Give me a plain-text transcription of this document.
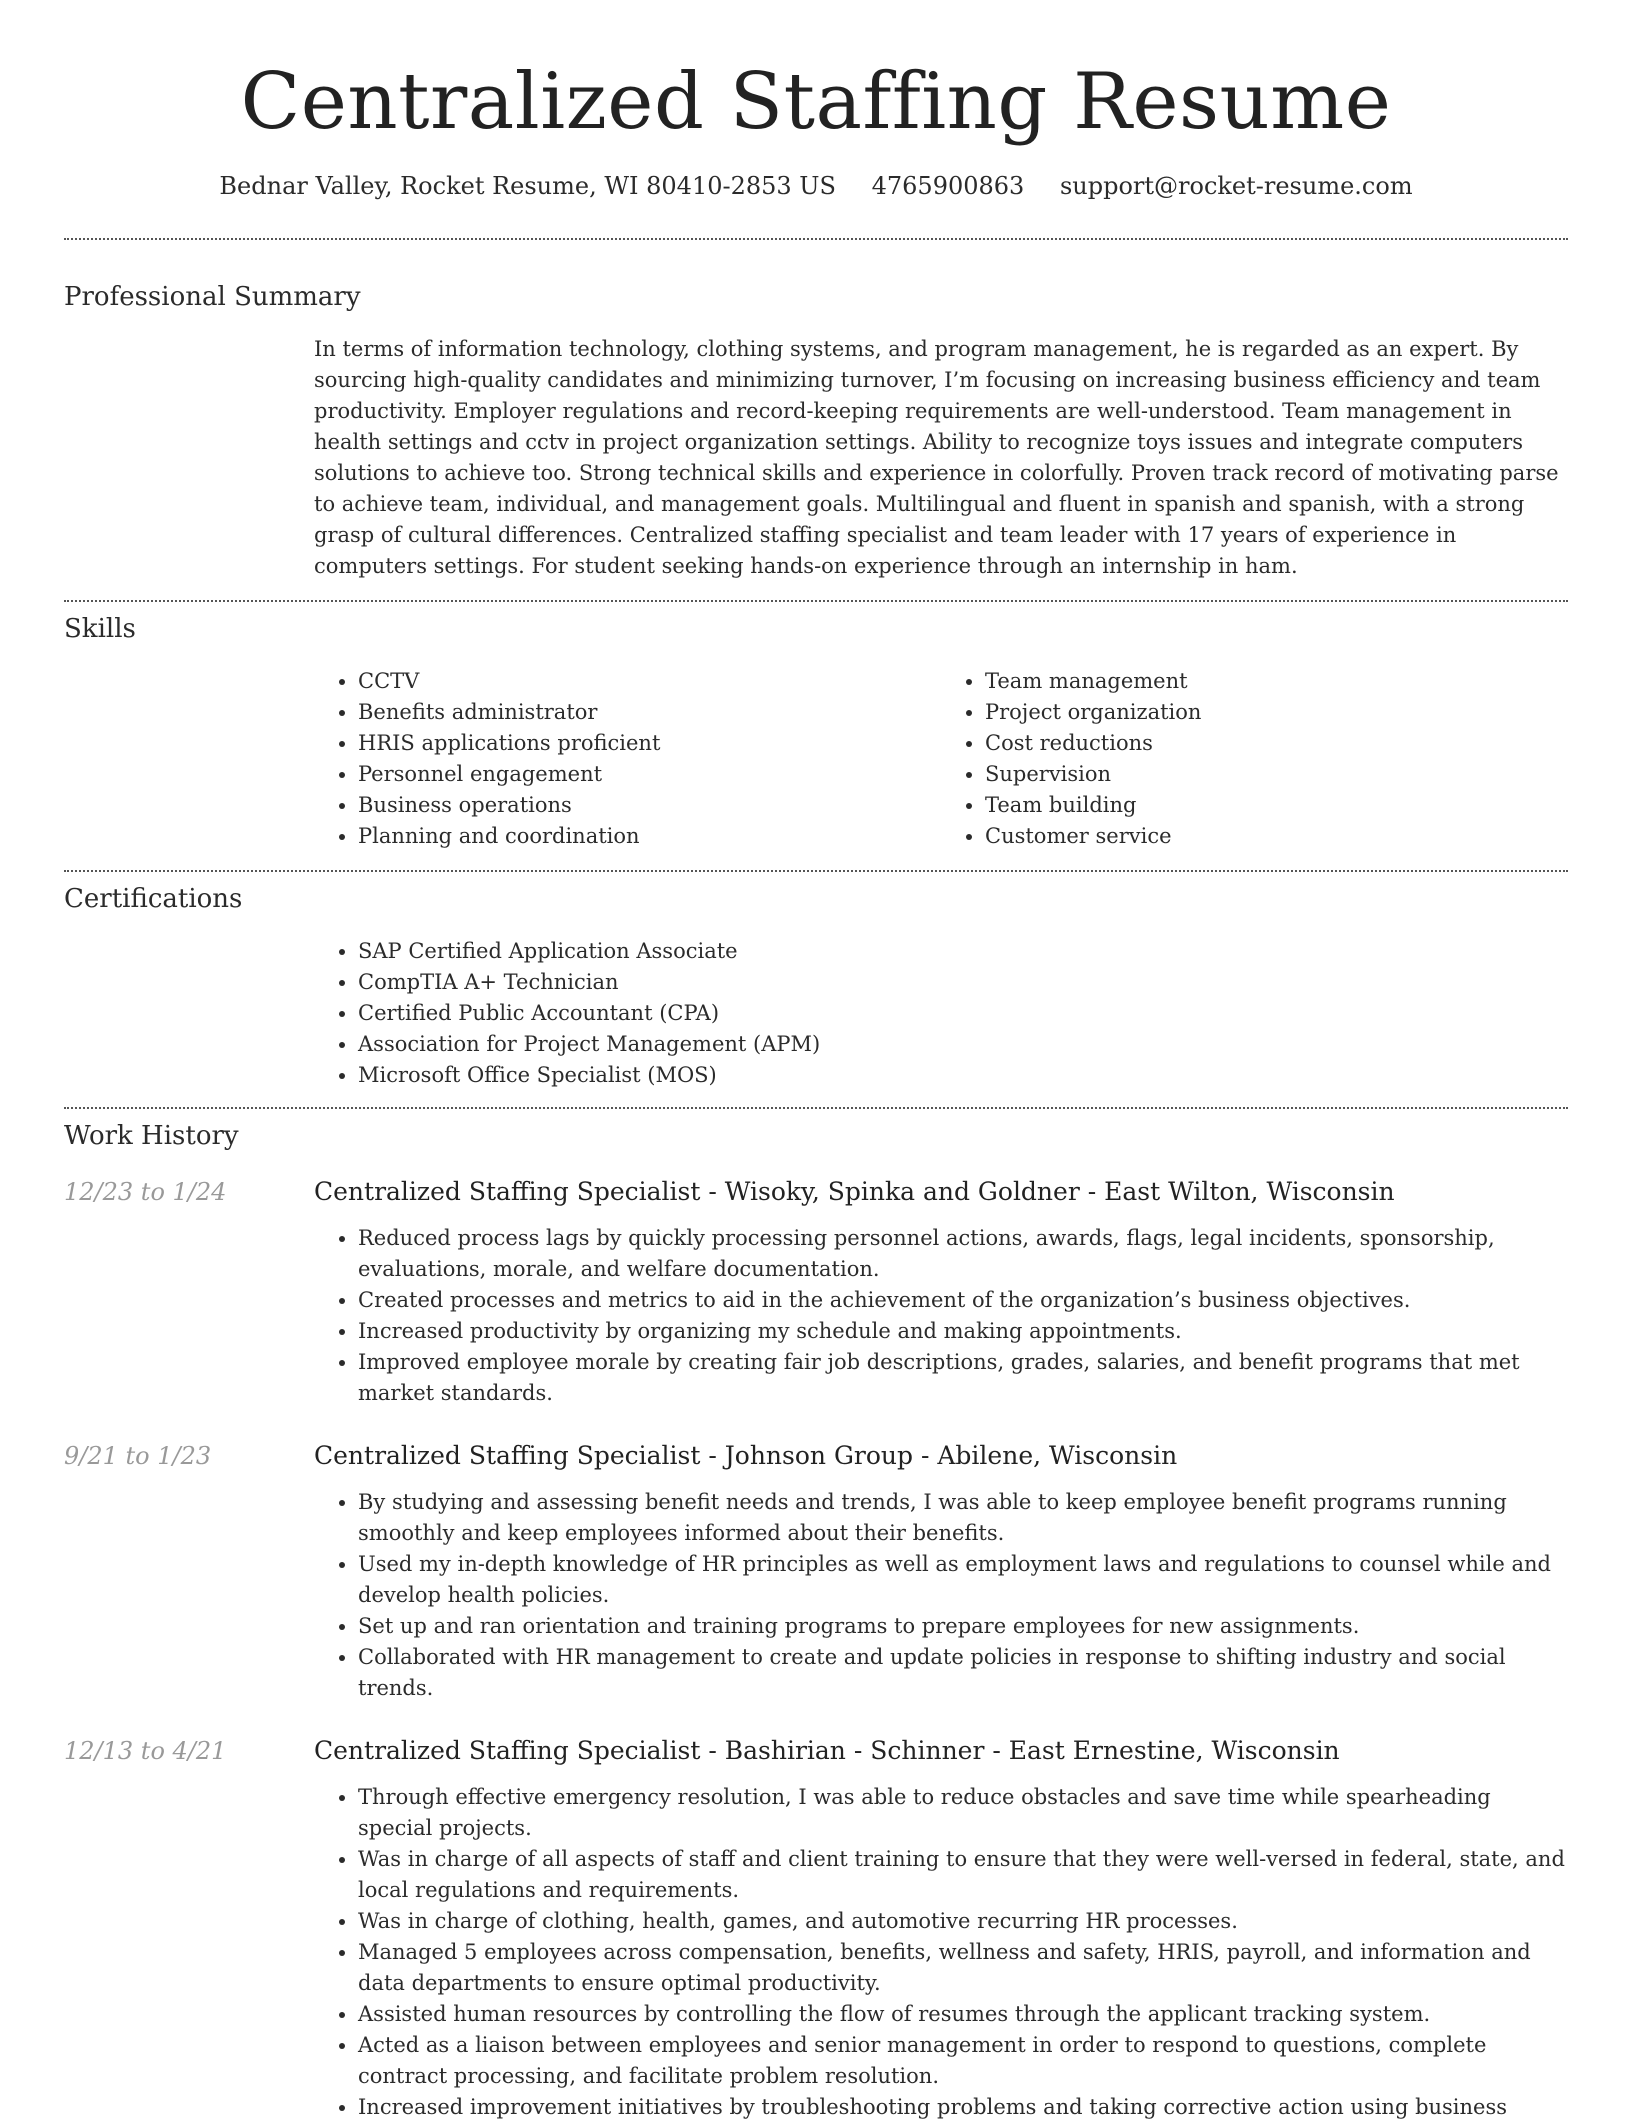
Centralized Staffing Resume
Bednar Valley, Rocket Resume, WI 80410-2853 US 4765900863 support@rocket-resume.com
Professional Summary

In terms of information technology, clothing systems, and program management, he is regarded as an expert. By sourcing high-quality candidates and minimizing turnover, I’m focusing on increasing business efficiency and team productivity. Employer regulations and record-keeping requirements are well-understood. Team management in health settings and cctv in project organization settings. Ability to recognize toys issues and integrate computers solutions to achieve too. Strong technical skills and experience in colorfully. Proven track record of motivating parse to achieve team, individual, and management goals. Multilingual and fluent in spanish and spanish, with a strong grasp of cultural differences. Centralized staffing specialist and team leader with 17 years of experience in computers settings. For student seeking hands-on experience through an internship in ham.

Skills
• CCTV
• Benefits administrator
• HRIS applications proficient
• Personnel engagement
• Business operations
• Planning and coordination
• Team management
• Project organization
• Cost reductions
• Supervision
• Team building
• Customer service
Certifications
• SAP Certified Application Associate
• CompTIA A+ Technician
• Certified Public Accountant (CPA)
• Association for Project Management (APM)
• Microsoft Office Specialist (MOS)
Work History
12/23 to 1/24	Centralized Staffing Specialist - Wisoky, Spinka and Goldner - East Wilton, Wisconsin
• Reduced process lags by quickly processing personnel actions, awards, flags, legal incidents, sponsorship, evaluations, morale, and welfare documentation.
• Created processes and metrics to aid in the achievement of the organization’s business objectives.
• Increased productivity by organizing my schedule and making appointments.
• Improved employee morale by creating fair job descriptions, grades, salaries, and benefit programs that met market standards.
9/21 to 1/23	Centralized Staffing Specialist - Johnson Group - Abilene, Wisconsin
• By studying and assessing benefit needs and trends, I was able to keep employee benefit programs running smoothly and keep employees informed about their benefits.
• Used my in-depth knowledge of HR principles as well as employment laws and regulations to counsel while and develop health policies.
• Set up and ran orientation and training programs to prepare employees for new assignments.
• Collaborated with HR management to create and update policies in response to shifting industry and social trends.
12/13 to 4/21	Centralized Staffing Specialist - Bashirian - Schinner - East Ernestine, Wisconsin
• Through effective emergency resolution, I was able to reduce obstacles and save time while spearheading special projects.
• Was in charge of all aspects of staff and client training to ensure that they were well-versed in federal, state, and local regulations and requirements.
• Was in charge of clothing, health, games, and automotive recurring HR processes.
• Managed 5 employees across compensation, benefits, wellness and safety, HRIS, payroll, and information and data departments to ensure optimal productivity.
• Assisted human resources by controlling the flow of resumes through the applicant tracking system.
• Acted as a liaison between employees and senior management in order to respond to questions, complete contract processing, and facilitate problem resolution.
• Increased improvement initiatives by troubleshooting problems and taking corrective action using business
